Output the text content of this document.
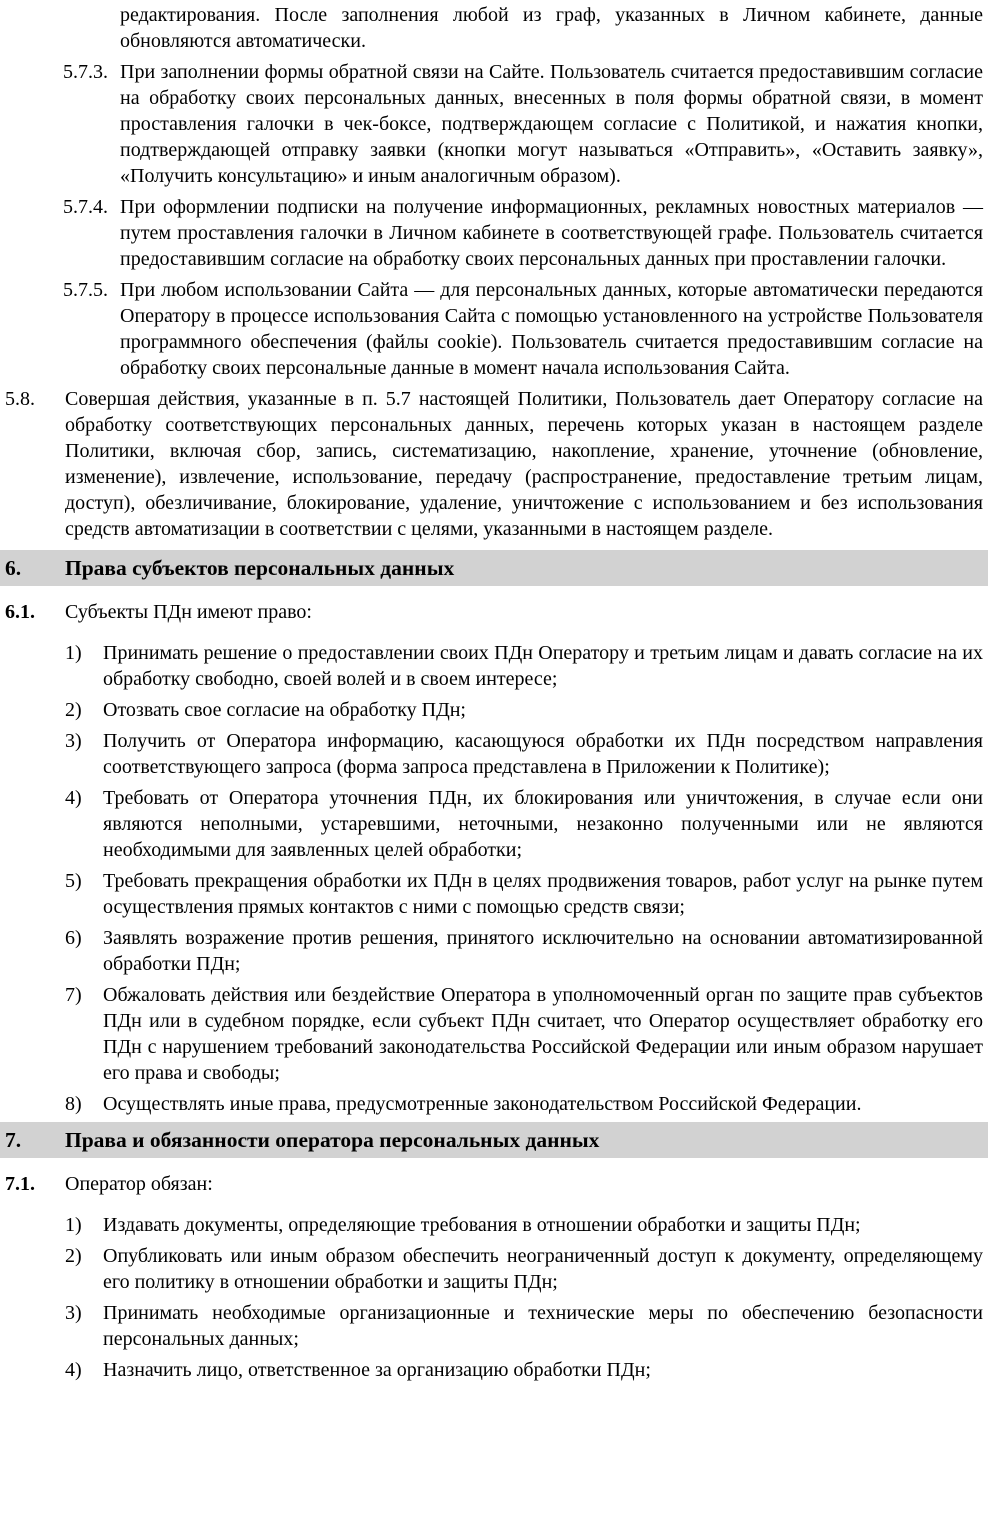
редактирования. После заполнения любой из граф, указанных в Личном кабинете, данные обновляются автоматически.
5.7.3. При заполнении формы обратной связи на Сайте. Пользователь считается предоставившим согласие на обработку своих персональных данных, внесенных в поля формы обратной связи, в момент проставления галочки в чек-боксе, подтверждающем согласие с Политикой, и нажатия кнопки, подтверждающей отправку заявки (кнопки могут называться «Отправить», «Оставить заявку», «Получить консультацию» и иным аналогичным образом).
5.7.4. При оформлении подписки на получение информационных, рекламных новостных материалов — путем проставления галочки в Личном кабинете в соответствующей графе. Пользователь считается предоставившим согласие на обработку своих персональных данных при проставлении галочки.
5.7.5. При любом использовании Сайта — для персональных данных, которые автоматически передаются Оператору в процессе использования Сайта с помощью установленного на устройстве Пользователя программного обеспечения (файлы cookie). Пользователь считается предоставившим согласие на обработку своих персональные данные в момент начала использования Сайта.
5.8. Совершая действия, указанные в п. 5.7 настоящей Политики, Пользователь дает Оператору согласие на обработку соответствующих персональных данных, перечень которых указан в настоящем разделе Политики, включая сбор, запись, систематизацию, накопление, хранение, уточнение (обновление, изменение), извлечение, использование, передачу (распространение, предоставление третьим лицам, доступ), обезличивание, блокирование, удаление, уничтожение с использованием и без использования средств автоматизации в соответствии с целями, указанными в настоящем разделе.
6. Права субъектов персональных данных
6.1. Субъекты ПДн имеют право:
1) Принимать решение о предоставлении своих ПДн Оператору и третьим лицам и давать согласие на их обработку свободно, своей волей и в своем интересе;
2) Отозвать свое согласие на обработку ПДн;
3) Получить от Оператора информацию, касающуюся обработки их ПДн посредством направления соответствующего запроса (форма запроса представлена в Приложении к Политике);
4) Требовать от Оператора уточнения ПДн, их блокирования или уничтожения, в случае если они являются неполными, устаревшими, неточными, незаконно полученными или не являются необходимыми для заявленных целей обработки;
5) Требовать прекращения обработки их ПДн в целях продвижения товаров, работ услуг на рынке путем осуществления прямых контактов с ними с помощью средств связи;
6) Заявлять возражение против решения, принятого исключительно на основании автоматизированной обработки ПДн;
7) Обжаловать действия или бездействие Оператора в уполномоченный орган по защите прав субъектов ПДн или в судебном порядке, если субъект ПДн считает, что Оператор осуществляет обработку его ПДн с нарушением требований законодательства Российской Федерации или иным образом нарушает его права и свободы;
8) Осуществлять иные права, предусмотренные законодательством Российской Федерации.
7. Права и обязанности оператора персональных данных
7.1. Оператор обязан:
1) Издавать документы, определяющие требования в отношении обработки и защиты ПДн;
2) Опубликовать или иным образом обеспечить неограниченный доступ к документу, определяющему его политику в отношении обработки и защиты ПДн;
3) Принимать необходимые организационные и технические меры по обеспечению безопасности персональных данных;
4) Назначить лицо, ответственное за организацию обработки ПДн;
